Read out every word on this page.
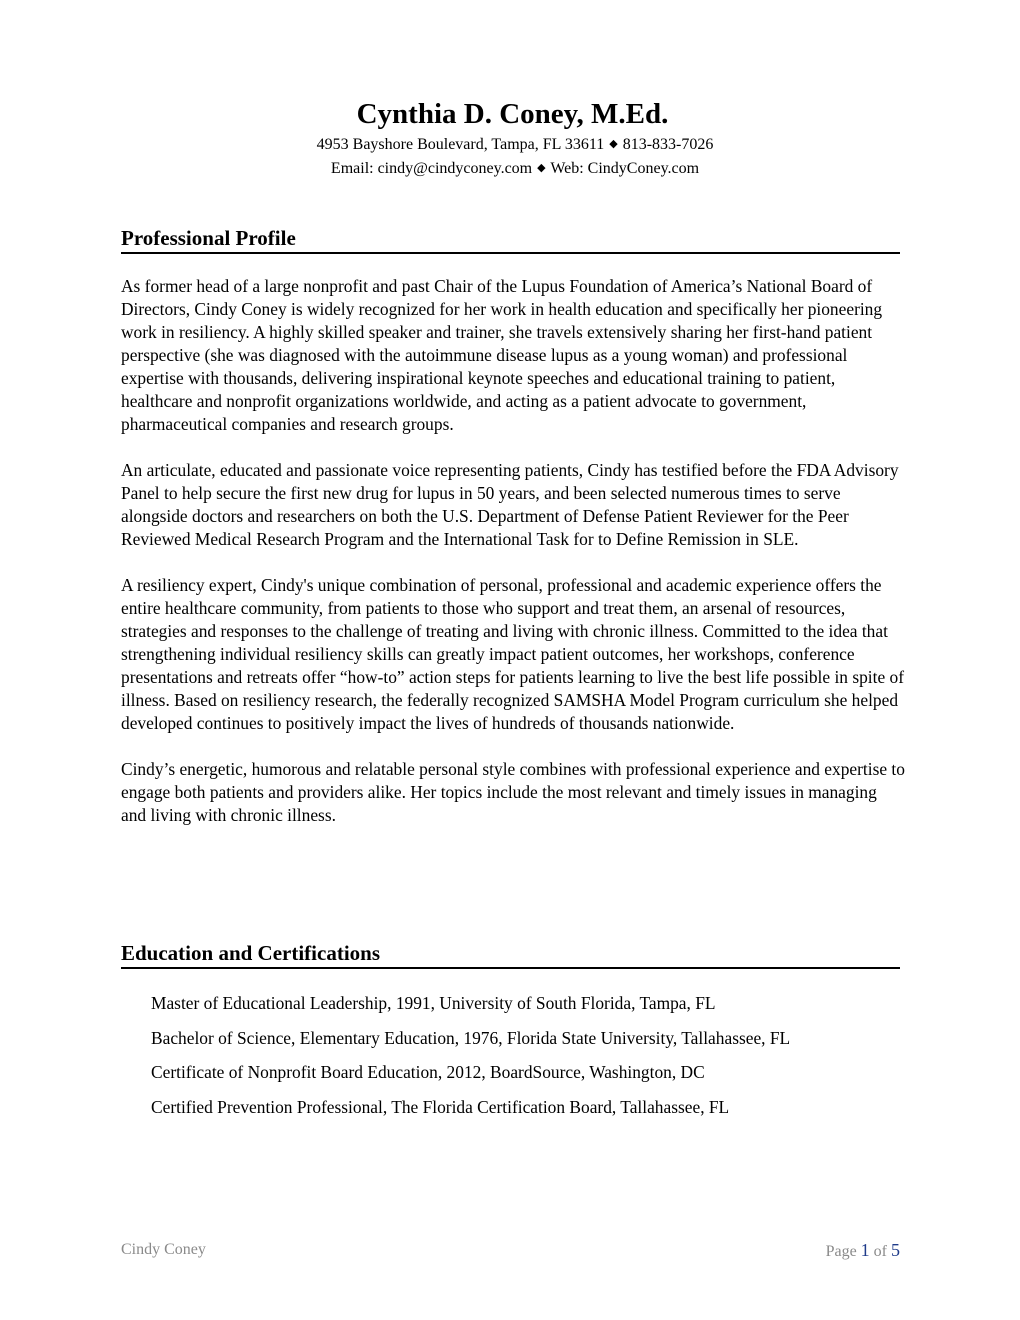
Cynthia D. Coney, M.Ed.
4953 Bayshore Boulevard, Tampa, FL 33611 ◆ 813-833-7026
Email: cindy@cindyconey.com ◆ Web: CindyConey.com
Professional Profile

As former head of a large nonprofit and past Chair of the Lupus Foundation of America’s National Board of Directors, Cindy Coney is widely recognized for her work in health education and specifically her pioneering work in resiliency. A highly skilled speaker and trainer, she travels extensively sharing her first-hand patient perspective (she was diagnosed with the autoimmune disease lupus as a young woman) and professional expertise with thousands, delivering inspirational keynote speeches and educational training to patient, healthcare and nonprofit organizations worldwide, and acting as a patient advocate to government, pharmaceutical companies and research groups.

An articulate, educated and passionate voice representing patients, Cindy has testified before the FDA Advisory Panel to help secure the first new drug for lupus in 50 years, and been selected numerous times to serve alongside doctors and researchers on both the U.S. Department of Defense Patient Reviewer for the Peer Reviewed Medical Research Program and the International Task for to Define Remission in SLE.

A resiliency expert, Cindy's unique combination of personal, professional and academic experience offers the entire healthcare community, from patients to those who support and treat them, an arsenal of resources, strategies and responses to the challenge of treating and living with chronic illness. Committed to the idea that strengthening individual resiliency skills can greatly impact patient outcomes, her workshops, conference presentations and retreats offer “how-to” action steps for patients learning to live the best life possible in spite of illness. Based on resiliency research, the federally recognized SAMSHA Model Program curriculum she helped developed continues to positively impact the lives of hundreds of thousands nationwide.

Cindy’s energetic, humorous and relatable personal style combines with professional experience and expertise to engage both patients and providers alike. Her topics include the most relevant and timely issues in managing and living with chronic illness.

Education and Certifications
Master of Educational Leadership, 1991, University of South Florida, Tampa, FL
Bachelor of Science, Elementary Education, 1976, Florida State University, Tallahassee, FL
Certificate of Nonprofit Board Education, 2012, BoardSource, Washington, DC
Certified Prevention Professional, The Florida Certification Board, Tallahassee, FL
Cindy Coney	Page 1 of 5
